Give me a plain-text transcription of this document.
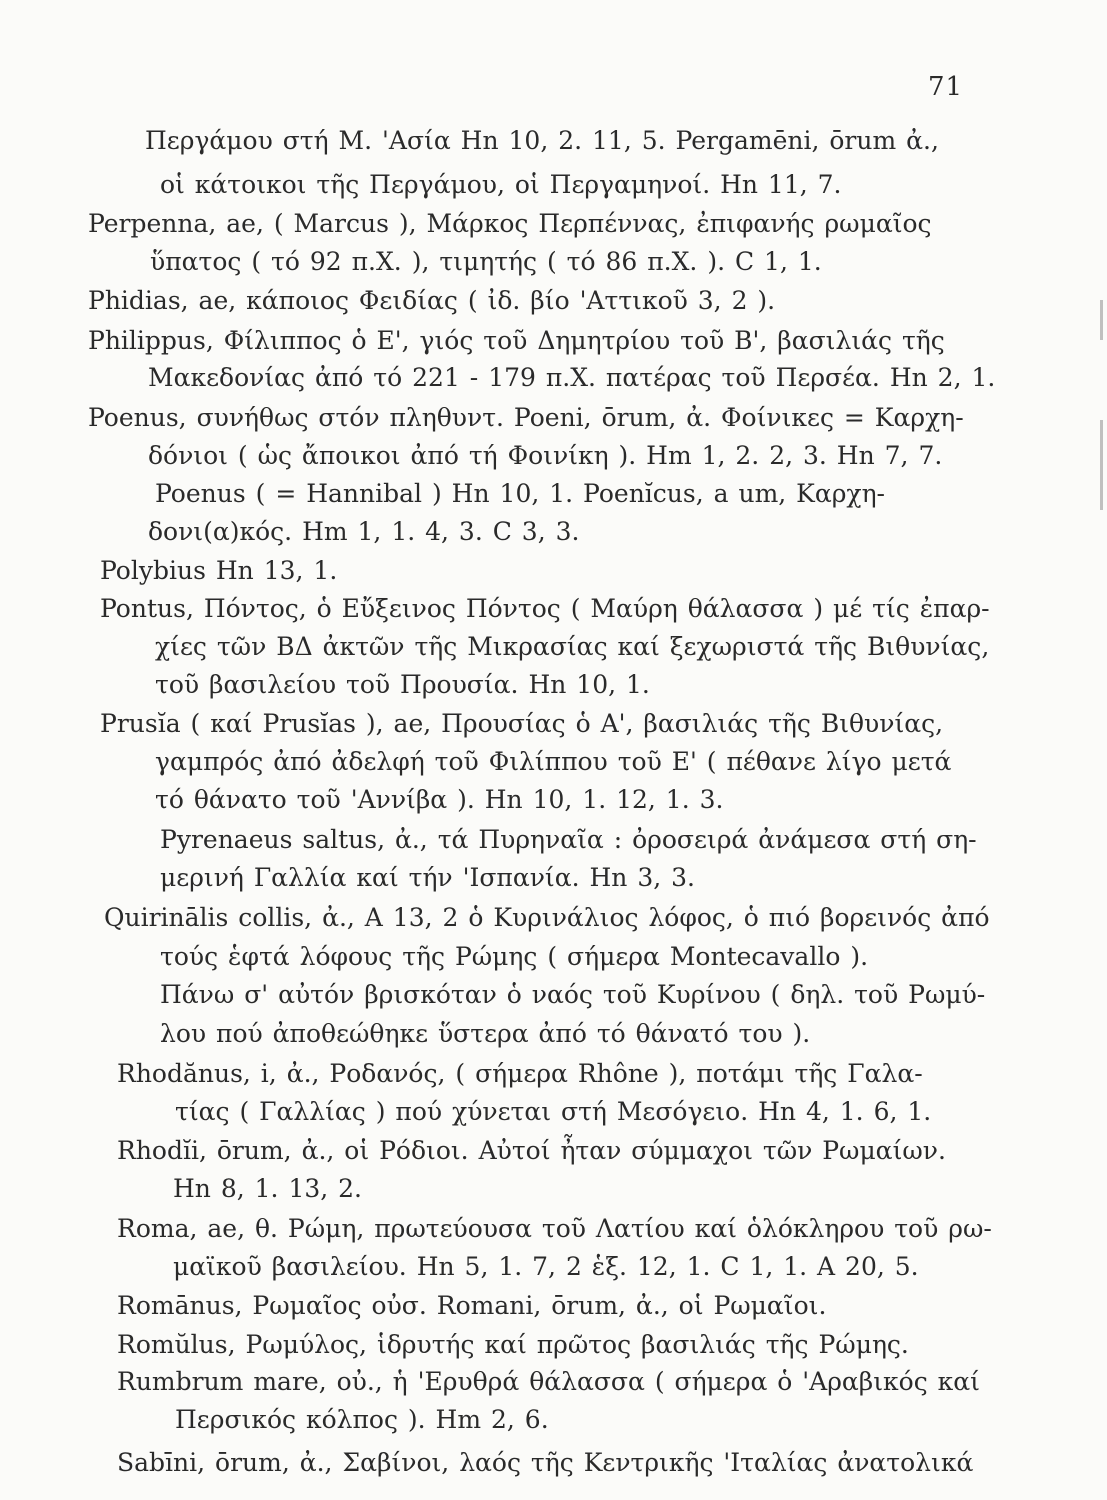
71
Περγάμου στή Μ. 'Ασία Hn 10, 2. 11, 5. Pergamēni, ōrum ἀ.,
οἱ κάτοικοι τῆς Περγάμου, οἱ Περγαμηνοί. Hn 11, 7.
Perpenna, ae, ( Marcus ), Μάρκος Περπέννας, ἐπιφανής ρωμαῖος
ὕπατος ( τό 92 π.Χ. ), τιμητής ( τό 86 π.Χ. ). C 1, 1.
Phidias, ae, κάποιος Φειδίας ( ἰδ. βίο 'Αττικοῦ 3, 2 ).
Philippus, Φίλιππος ὁ Ε', γιός τοῦ Δημητρίου τοῦ Β', βασιλιάς τῆς
Μακεδονίας ἀπό τό 221 - 179 π.Χ. πατέρας τοῦ Περσέα. Hn 2, 1.
Poenus, συνήθως στόν πληθυντ. Poeni, ōrum, ἀ. Φοίνικες = Καρχη-
δόνιοι ( ὡς ἄποικοι ἀπό τή Φοινίκη ). Hm 1, 2. 2, 3. Hn 7, 7.
Poenus ( = Hannibal ) Hn 10, 1. Poenĭcus, a um, Καρχη-
δονι(α)κός. Hm 1, 1. 4, 3. C 3, 3.
Polybius Hn 13, 1.
Pontus, Πόντος, ὁ Εὔξεινος Πόντος ( Μαύρη θάλασσα ) μέ τίς ἐπαρ-
χίες τῶν ΒΔ ἀκτῶν τῆς Μικρασίας καί ξεχωριστά τῆς Βιθυνίας,
τοῦ βασιλείου τοῦ Προυσία. Hn 10, 1.
Prusĭa ( καί Prusĭas ), ae, Προυσίας ὁ Α', βασιλιάς τῆς Βιθυνίας,
γαμπρός ἀπό ἀδελφή τοῦ Φιλίππου τοῦ Ε' ( πέθανε λίγο μετά
τό θάνατο τοῦ 'Αννίβα ). Hn 10, 1. 12, 1. 3.
Pyrenaeus saltus, ἀ., τά Πυρηναῖα : ὀροσειρά ἀνάμεσα στή ση-
μερινή Γαλλία καί τήν 'Ισπανία. Hn 3, 3.
Quirinālis collis, ἀ., A 13, 2 ὁ Κυρινάλιος λόφος, ὁ πιό βορεινός ἀπό
τούς ἑφτά λόφους τῆς Ρώμης ( σήμερα Montecavallo ).
Πάνω σ' αὐτόν βρισκόταν ὁ ναός τοῦ Κυρίνου ( δηλ. τοῦ Ρωμύ-
λου πού ἀποθεώθηκε ὕστερα ἀπό τό θάνατό του ).
Rhodănus, i, ἀ., Ροδανός, ( σήμερα Rhône ), ποτάμι τῆς Γαλα-
τίας ( Γαλλίας ) πού χύνεται στή Μεσόγειο. Hn 4, 1. 6, 1.
Rhodĭi, ōrum, ἀ., οἱ Ρόδιοι. Αὐτοί ἦταν σύμμαχοι τῶν Ρωμαίων.
Hn 8, 1. 13, 2.
Roma, ae, θ. Ρώμη, πρωτεύουσα τοῦ Λατίου καί ὁλόκληρου τοῦ ρω-
μαϊκοῦ βασιλείου. Hn 5, 1. 7, 2 ἑξ. 12, 1. C 1, 1. A 20, 5.
Romānus, Ρωμαῖος οὐσ. Romani, ōrum, ἀ., οἱ Ρωμαῖοι.
Romŭlus, Ρωμύλος, ἱδρυτής καί πρῶτος βασιλιάς τῆς Ρώμης.
Rumbrum mare, οὐ., ἡ 'Ερυθρά θάλασσα ( σήμερα ὁ 'Αραβικός καί
Περσικός κόλπος ). Hm 2, 6.
Sabīni, ōrum, ἀ., Σαβίνοι, λαός τῆς Κεντρικῆς 'Ιταλίας ἀνατολικά
